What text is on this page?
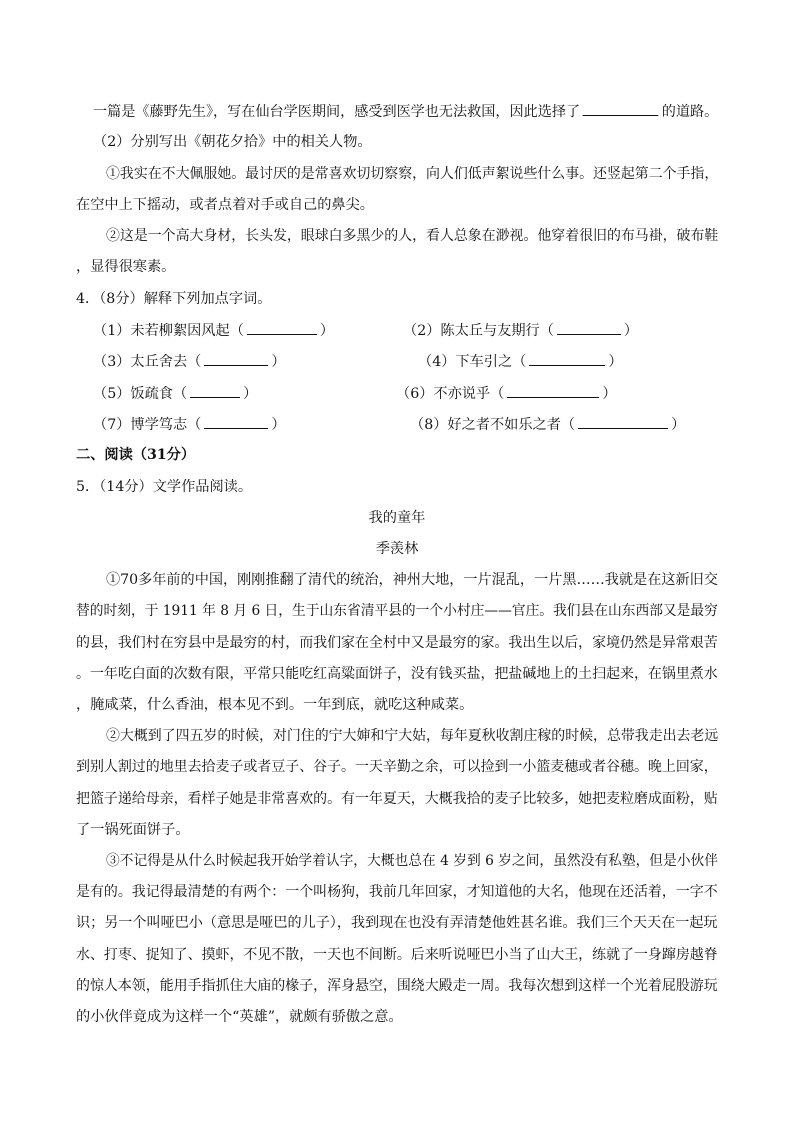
一篇是《藤野先生》，写在仙台学医期间，感受到医学也无法救国，因此选择了	的道路。
（2）分别写出《朝花夕拾》中的相关人物。
①我实在不大佩服她。最讨厌的是常喜欢切切察察，向人们低声絮说些什么事。还竖起第二个手指，
在空中上下摇动，或者点着对手或自己的鼻尖。
②这是一个高大身材，长头发，眼球白多黑少的人，看人总象在渺视。他穿着很旧的布马褂，破布鞋
，显得很寒素。
4．（8分）解释下列加点字词。
（1）未若柳絮因风起（	）	（2）陈太丘与友期行（	）
（3）太丘舍去（	）	（4）下车引之（	）
（5）饭疏食（	）	（6）不亦说乎（	）
（7）博学笃志（	）	（8）好之者不如乐之者（	）
二、阅读（31分）
5．（14分）文学作品阅读。
我的童年
季羡林
①70多年前的中国，刚刚推翻了清代的统治，神州大地，一片混乱，一片黑……我就是在这新旧交
替的时刻，于 1911 年 8 月 6 日，生于山东省清平县的一个小村庄——官庄。我们县在山东西部又是最穷
的县，我们村在穷县中是最穷的村，而我们家在全村中又是最穷的家。我出生以后，家境仍然是异常艰苦
。一年吃白面的次数有限，平常只能吃红高粱面饼子，没有钱买盐，把盐碱地上的土扫起来，在锅里煮水
，腌咸菜，什么香油，根本见不到。一年到底，就吃这种咸菜。
②大概到了四五岁的时候，对门住的宁大婶和宁大姑，每年夏秋收割庄稼的时候，总带我走出去老远
到别人割过的地里去拾麦子或者豆子、谷子。一天辛勤之余，可以捡到一小篮麦穗或者谷穗。晚上回家，
把篮子递给母亲，看样子她是非常喜欢的。有一年夏天，大概我拾的麦子比较多，她把麦粒磨成面粉，贴
了一锅死面饼子。
③不记得是从什么时候起我开始学着认字，大概也总在 4 岁到 6 岁之间，虽然没有私塾，但是小伙伴
是有的。我记得最清楚的有两个：一个叫杨狗，我前几年回家，才知道他的大名，他现在还活着，一字不
识；另一个叫哑巴小（意思是哑巴的儿子），我到现在也没有弄清楚他姓甚名谁。我们三个天天在一起玩
水、打枣、捉知了、摸虾，不见不散，一天也不间断。后来听说哑巴小当了山大王，练就了一身蹿房越脊
的惊人本领，能用手指抓住大庙的椽子，浑身悬空，围绕大殿走一周。我每次想到这样一个光着屁股游玩
的小伙伴竟成为这样一个“英雄”，就颇有骄傲之意。
